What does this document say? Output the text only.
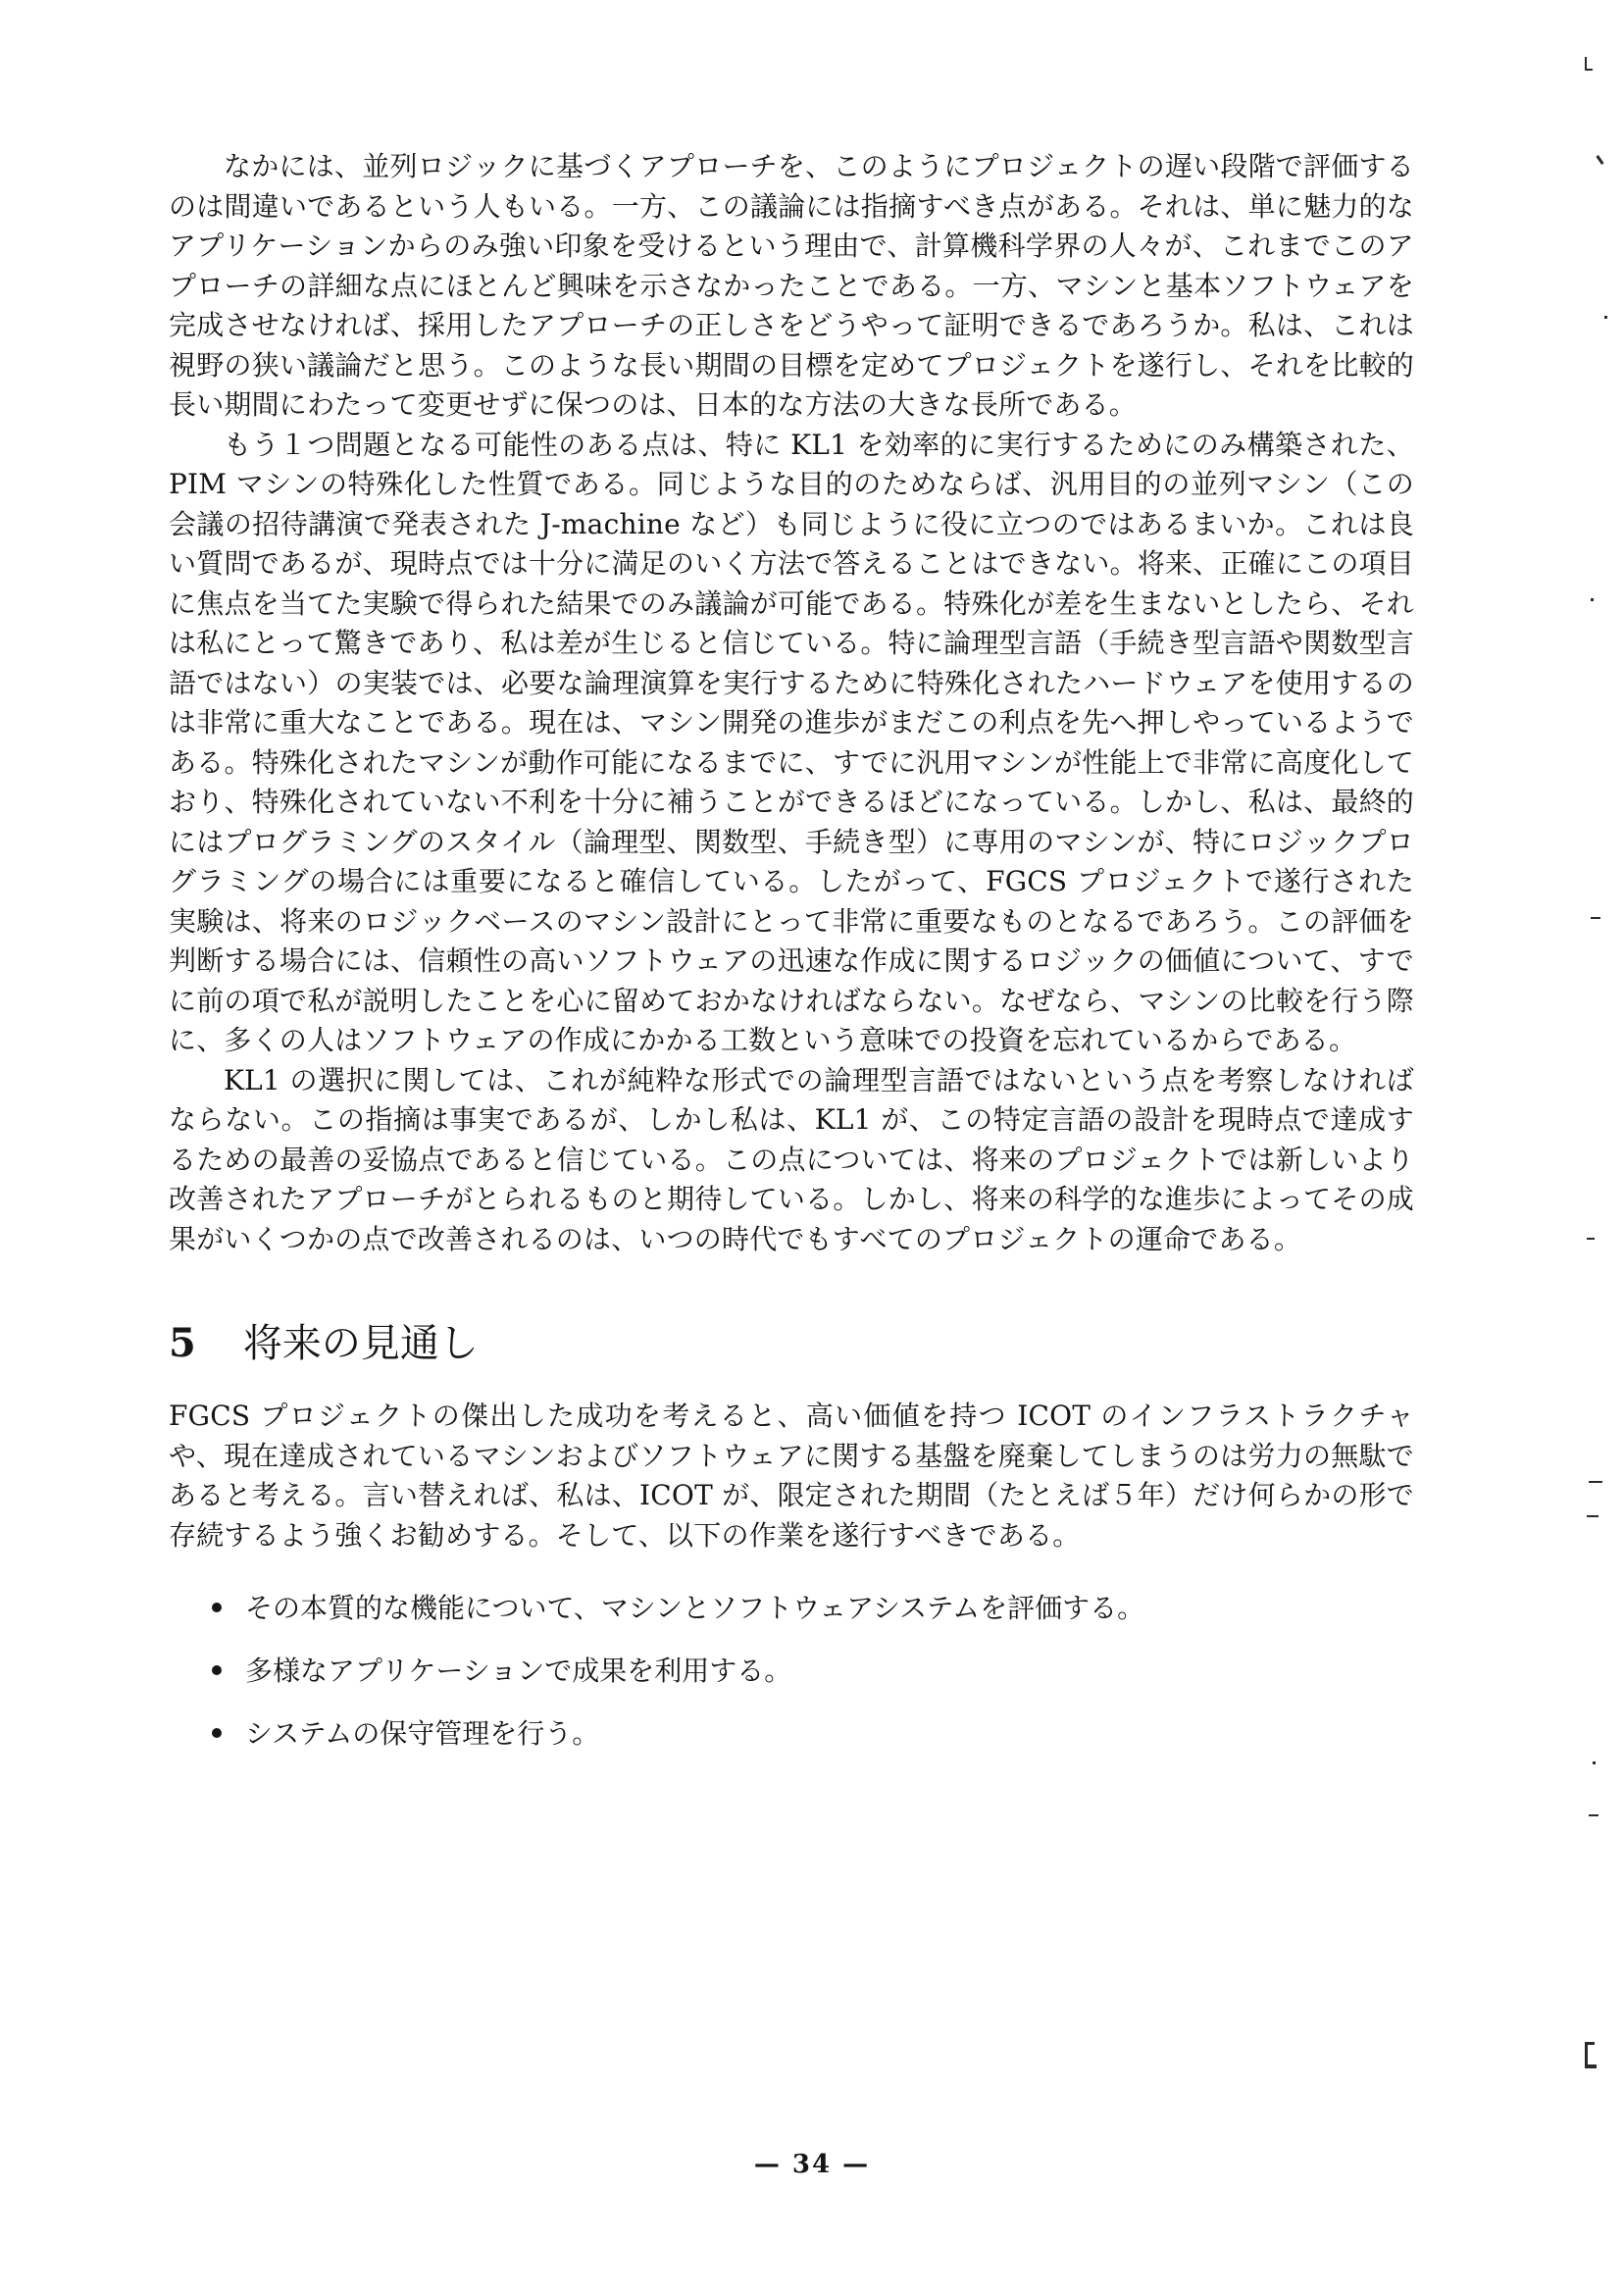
なかには、並列ロジックに基づくアプローチを、このようにプロジェクトの遅い段階で評価するのは間違いであるという人もいる。一方、この議論には指摘すべき点がある。それは、単に魅力的なアプリケーションからのみ強い印象を受けるという理由で、計算機科学界の人々が、これまでこのアプローチの詳細な点にほとんど興味を示さなかったことである。一方、マシンと基本ソフトウェアを完成させなければ、採用したアプローチの正しさをどうやって証明できるであろうか。私は、これは視野の狭い議論だと思う。このような長い期間の目標を定めてプロジェクトを遂行し、それを比較的長い期間にわたって変更せずに保つのは、日本的な方法の大きな長所である。

もう１つ問題となる可能性のある点は、特に KL1 を効率的に実行するためにのみ構築された、PIM マシンの特殊化した性質である。同じような目的のためならば、汎用目的の並列マシン（この会議の招待講演で発表された J-machine など）も同じように役に立つのではあるまいか。これは良い質問であるが、現時点では十分に満足のいく方法で答えることはできない。将来、正確にこの項目に焦点を当てた実験で得られた結果でのみ議論が可能である。特殊化が差を生まないとしたら、それは私にとって驚きであり、私は差が生じると信じている。特に論理型言語（手続き型言語や関数型言語ではない）の実装では、必要な論理演算を実行するために特殊化されたハードウェアを使用するのは非常に重大なことである。現在は、マシン開発の進歩がまだこの利点を先へ押しやっているようである。特殊化されたマシンが動作可能になるまでに、すでに汎用マシンが性能上で非常に高度化しており、特殊化されていない不利を十分に補うことができるほどになっている。しかし、私は、最終的にはプログラミングのスタイル（論理型、関数型、手続き型）に専用のマシンが、特にロジックプログラミングの場合には重要になると確信している。したがって、FGCS プロジェクトで遂行された実験は、将来のロジックベースのマシン設計にとって非常に重要なものとなるであろう。この評価を判断する場合には、信頼性の高いソフトウェアの迅速な作成に関するロジックの価値について、すでに前の項で私が説明したことを心に留めておかなければならない。なぜなら、マシンの比較を行う際に、多くの人はソフトウェアの作成にかかる工数という意味での投資を忘れているからである。

KL1 の選択に関しては、これが純粋な形式での論理型言語ではないという点を考察しなければならない。この指摘は事実であるが、しかし私は、KL1 が、この特定言語の設計を現時点で達成するための最善の妥協点であると信じている。この点については、将来のプロジェクトでは新しいより改善されたアプローチがとられるものと期待している。しかし、将来の科学的な進歩によってその成果がいくつかの点で改善されるのは、いつの時代でもすべてのプロジェクトの運命である。

5 将来の見通し

FGCS プロジェクトの傑出した成功を考えると、高い価値を持つ ICOT のインフラストラクチャや、現在達成されているマシンおよびソフトウェアに関する基盤を廃棄してしまうのは労力の無駄であると考える。言い替えれば、私は、ICOT が、限定された期間（たとえば５年）だけ何らかの形で存続するよう強くお勧めする。そして、以下の作業を遂行すべきである。

その本質的な機能について、マシンとソフトウェアシステムを評価する。
多様なアプリケーションで成果を利用する。
システムの保守管理を行う。
— 34 —
